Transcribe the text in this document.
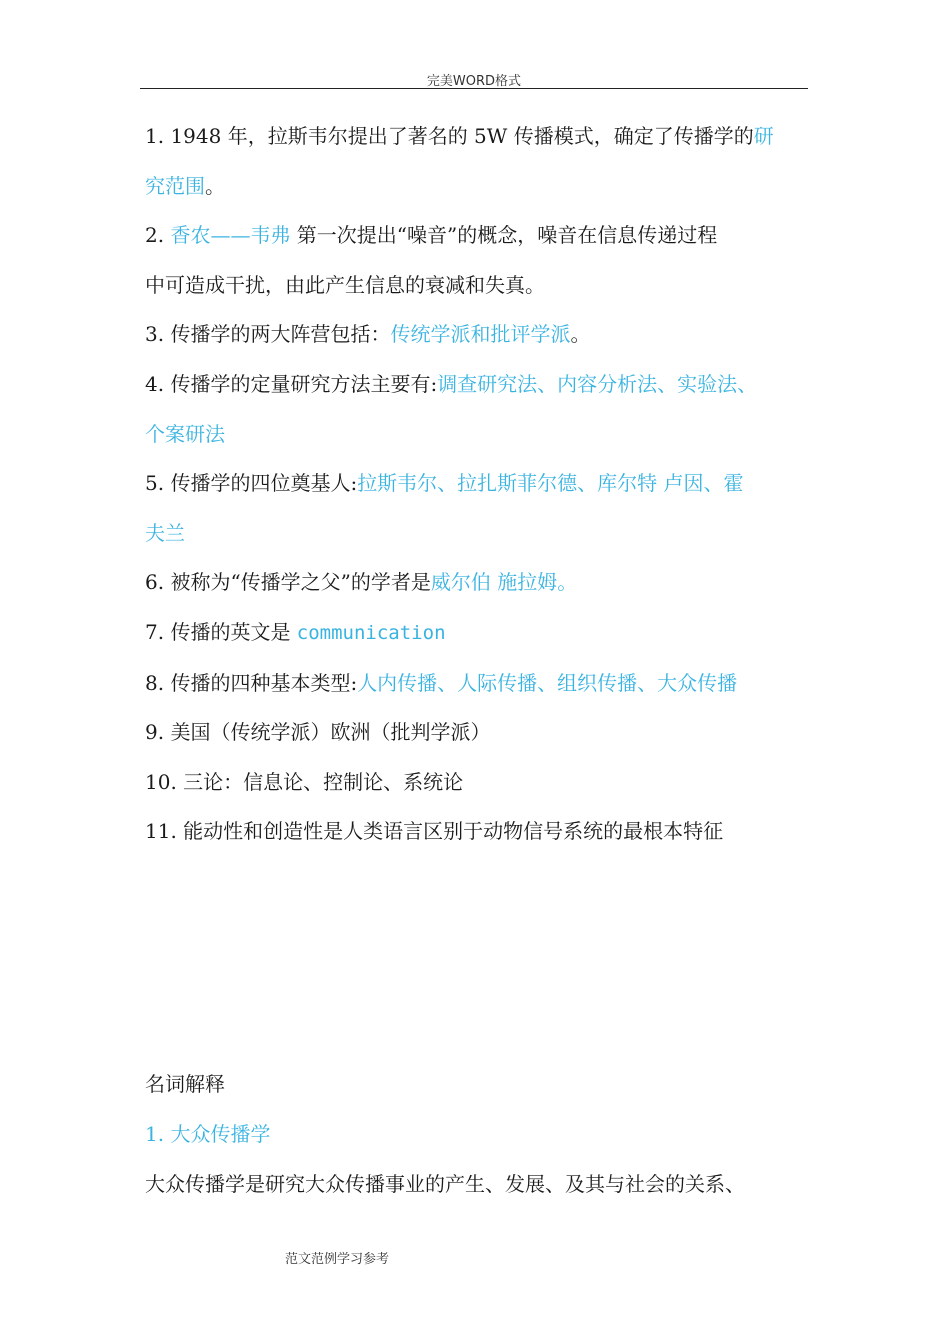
完美WORD格式

1. 1948 年，拉斯韦尔提出了著名的 5W 传播模式，确定了传播学的研

究范围。

2. 香农——韦弗 第一次提出“噪音”的概念，噪音在信息传递过程

中可造成干扰，由此产生信息的衰减和失真。

3. 传播学的两大阵营包括：传统学派和批评学派。

4. 传播学的定量研究方法主要有:调查研究法、内容分析法、实验法、

个案研法

5. 传播学的四位奠基人:拉斯韦尔、拉扎斯菲尔德、库尔特 卢因、霍

夫兰

6. 被称为“传播学之父”的学者是威尔伯 施拉姆。

7. 传播的英文是 communication

8. 传播的四种基本类型:人内传播、人际传播、组织传播、大众传播

9. 美国（传统学派）欧洲（批判学派）

10. 三论：信息论、控制论、系统论

11. 能动性和创造性是人类语言区别于动物信号系统的最根本特征

名词解释
1. 大众传播学
大众传播学是研究大众传播事业的产生、发展、及其与社会的关系、
范文范例学习参考
